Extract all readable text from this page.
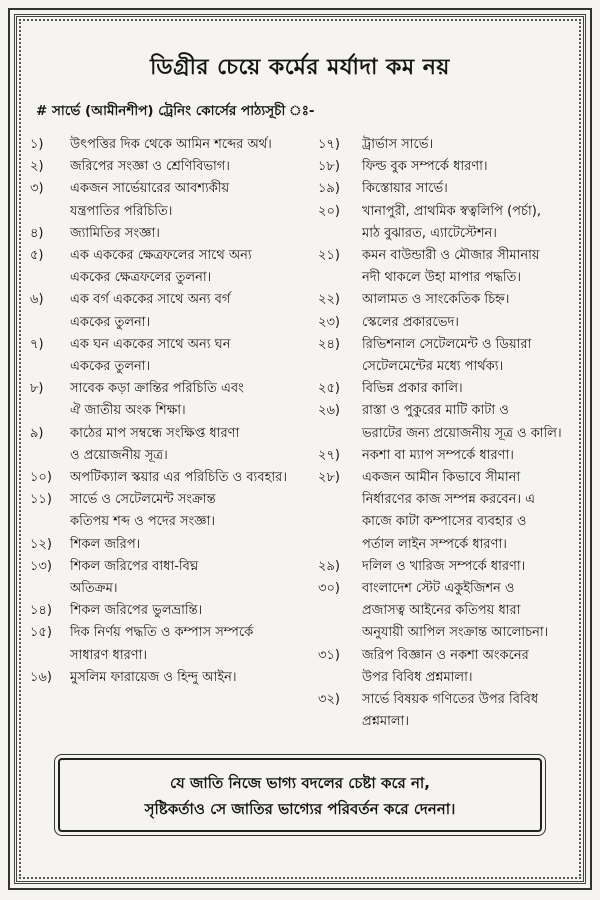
ডিগ্রীর চেয়ে কর্মের মর্যাদা কম নয়
# সার্ভে (আমীনশীপ) ট্রেনিং কোর্সের পাঠ্যসূচী ঃ-
১)	উৎপত্তির দিক থেকে আমিন শব্দের অর্থ।
২)	জরিপের সংজ্ঞা ও শ্রেণিবিভাগ।
৩)	একজন সার্ভেয়ারের আবশ্যকীয়
যন্ত্রপাতির পরিচিতি।
৪)	জ্যামিতির সংজ্ঞা।
৫)	এক এককের ক্ষেত্রফলের সাথে অন্য
এককের ক্ষেত্রফলের তুলনা।
৬)	এক বর্গ এককের সাথে অন্য বর্গ
এককের তুলনা।
৭)	এক ঘন এককের সাথে অন্য ঘন
এককের তুলনা।
৮)	সাবেক কড়া ক্রান্তির পরিচিতি এবং
ঐ জাতীয় অংক শিক্ষা।
৯)	কাঠের মাপ সম্বন্ধে সংক্ষিপ্ত ধারণা
ও প্রয়োজনীয় সূত্র।
১০)	অপটিক্যাল স্কয়ার এর পরিচিতি ও ব্যবহার।
১১)	সার্ভে ও সেটেলমেন্ট সংক্রান্ত
কতিপয় শব্দ ও পদের সংজ্ঞা।
১২)	শিকল জরিপ।
১৩)	শিকল জরিপের বাধা-বিঘ্ন
অতিক্রম।
১৪)	শিকল জরিপের ভুলভ্রান্তি।
১৫)	দিক নির্ণয় পদ্ধতি ও কম্পাস সম্পর্কে
সাধারণ ধারণা।
১৬)	মুসলিম ফারায়েজ ও হিন্দু আইন।
১৭)	ট্রার্ভাস সার্ভে।
১৮)	ফিল্ড বুক সম্পর্কে ধারণা।
১৯)	কিস্তোয়ার সার্ভে।
২০)	খানাপুরী, প্রাথমিক স্বত্বলিপি (পর্চা),
মাঠ বুঝারত, এ্যাটেস্টেশন।
২১)	কমন বাউন্ডারী ও মৌজার সীমানায়
নদী থাকলে উহা মাপার পদ্ধতি।
২২)	আলামত ও সাংকেতিক চিহ্ন।
২৩)	স্কেলের প্রকারভেদ।
২৪)	রিভিশনাল সেটেলমেন্ট ও ডিয়ারা
সেটেলমেন্টের মধ্যে পার্থক্য।
২৫)	বিভিন্ন প্রকার কালি।
২৬)	রাস্তা ও পুকুরের মাটি কাটা ও
ভরাটের জন্য প্রয়োজনীয় সূত্র ও কালি।
২৭)	নকশা বা ম্যাপ সম্পর্কে ধারণা।
২৮)	একজন আমীন কিভাবে সীমানা
নির্ধারণের কাজ সম্পন্ন করবেন। এ
কাজে কাটা কম্পাসের ব্যবহার ও
পর্তাল লাইন সম্পর্কে ধারণা।
২৯)	দলিল ও খারিজ সম্পর্কে ধারণা।
৩০)	বাংলাদেশ স্টেট একুইজিশন ও
প্রজাসত্ব আইনের কতিপয় ধারা
অনুযায়ী আপিল সংক্রান্ত আলোচনা।
৩১)	জরিপ বিজ্ঞান ও নকশা অংকনের
উপর বিবিধ প্রশ্নমালা।
৩২)	সার্ভে বিষয়ক গণিতের উপর বিবিধ
প্রশ্নমালা।
যে জাতি নিজে ভাগ্য বদলের চেষ্টা করে না,
সৃষ্টিকর্তাও সে জাতির ভাগ্যের পরিবর্তন করে দেননা।
